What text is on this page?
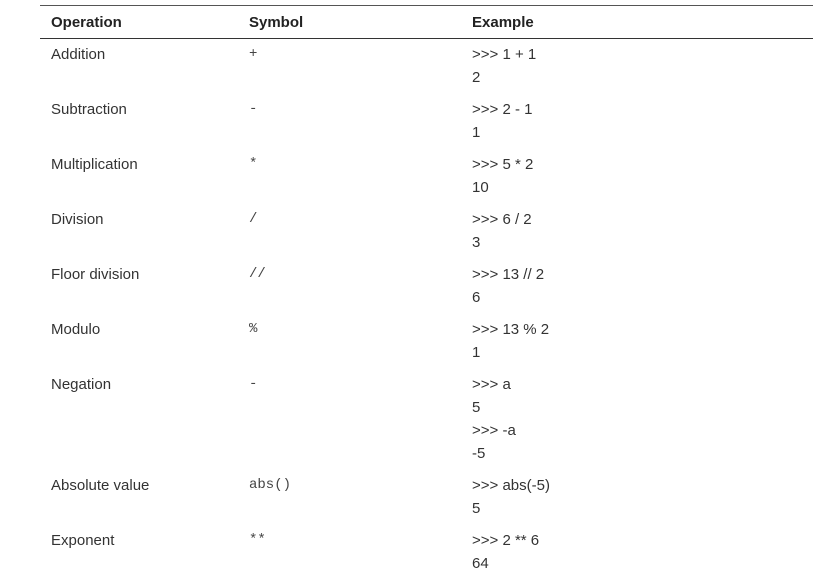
Operation	Symbol	Example
Addition	+	>>> 1 + 1
2
Subtraction	-	>>> 2 - 1
1
Multiplication	*	>>> 5 * 2
10
Division	/	>>> 6 / 2
3
Floor division	//	>>> 13 // 2
6
Modulo	%	>>> 13 % 2
1
Negation	-	>>> a
5
>>> -a
-5
Absolute value	abs()	>>> abs(-5)
5
Exponent	**	>>> 2 ** 6
64
